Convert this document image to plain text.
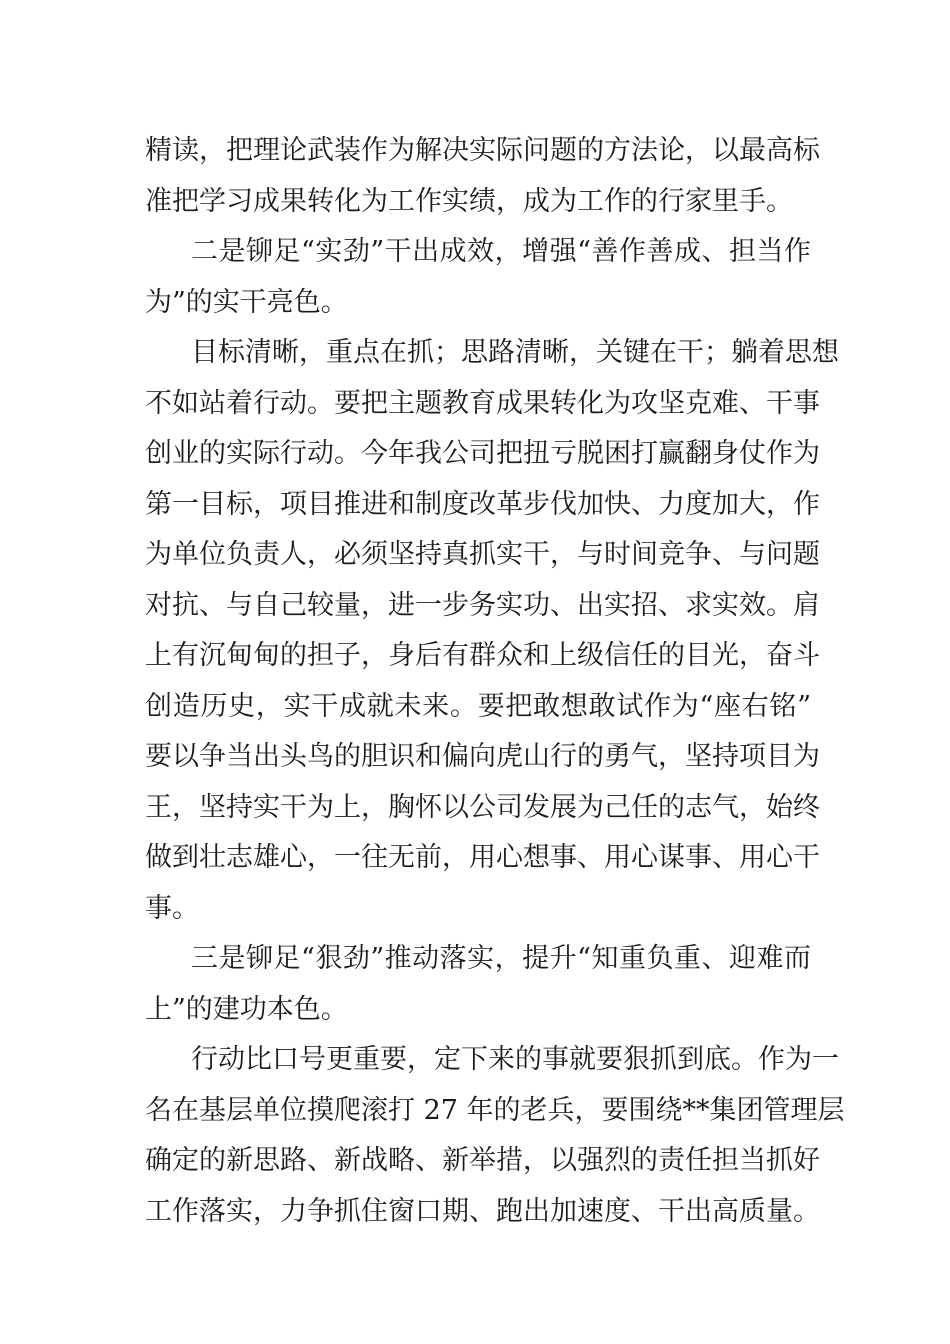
精读，把理论武装作为解决实际问题的方法论，以最高标
准把学习成果转化为工作实绩，成为工作的行家里手。
二是铆足“实劲”干出成效，增强“善作善成、担当作
为”的实干亮色。
目标清晰，重点在抓；思路清晰，关键在干；躺着思想
不如站着行动。要把主题教育成果转化为攻坚克难、干事
创业的实际行动。今年我公司把扭亏脱困打赢翻身仗作为
第一目标，项目推进和制度改革步伐加快、力度加大，作
为单位负责人，必须坚持真抓实干，与时间竞争、与问题
对抗、与自己较量，进一步务实功、出实招、求实效。肩
上有沉甸甸的担子，身后有群众和上级信任的目光，奋斗
创造历史，实干成就未来。要把敢想敢试作为“座右铭”
要以争当出头鸟的胆识和偏向虎山行的勇气，坚持项目为
王，坚持实干为上，胸怀以公司发展为己任的志气，始终
做到壮志雄心，一往无前，用心想事、用心谋事、用心干
事。
三是铆足“狠劲”推动落实，提升“知重负重、迎难而
上”的建功本色。
行动比口号更重要，定下来的事就要狠抓到底。作为一
名在基层单位摸爬滚打 27 年的老兵，要围绕**集团管理层
确定的新思路、新战略、新举措，以强烈的责任担当抓好
工作落实，力争抓住窗口期、跑出加速度、干出高质量。
